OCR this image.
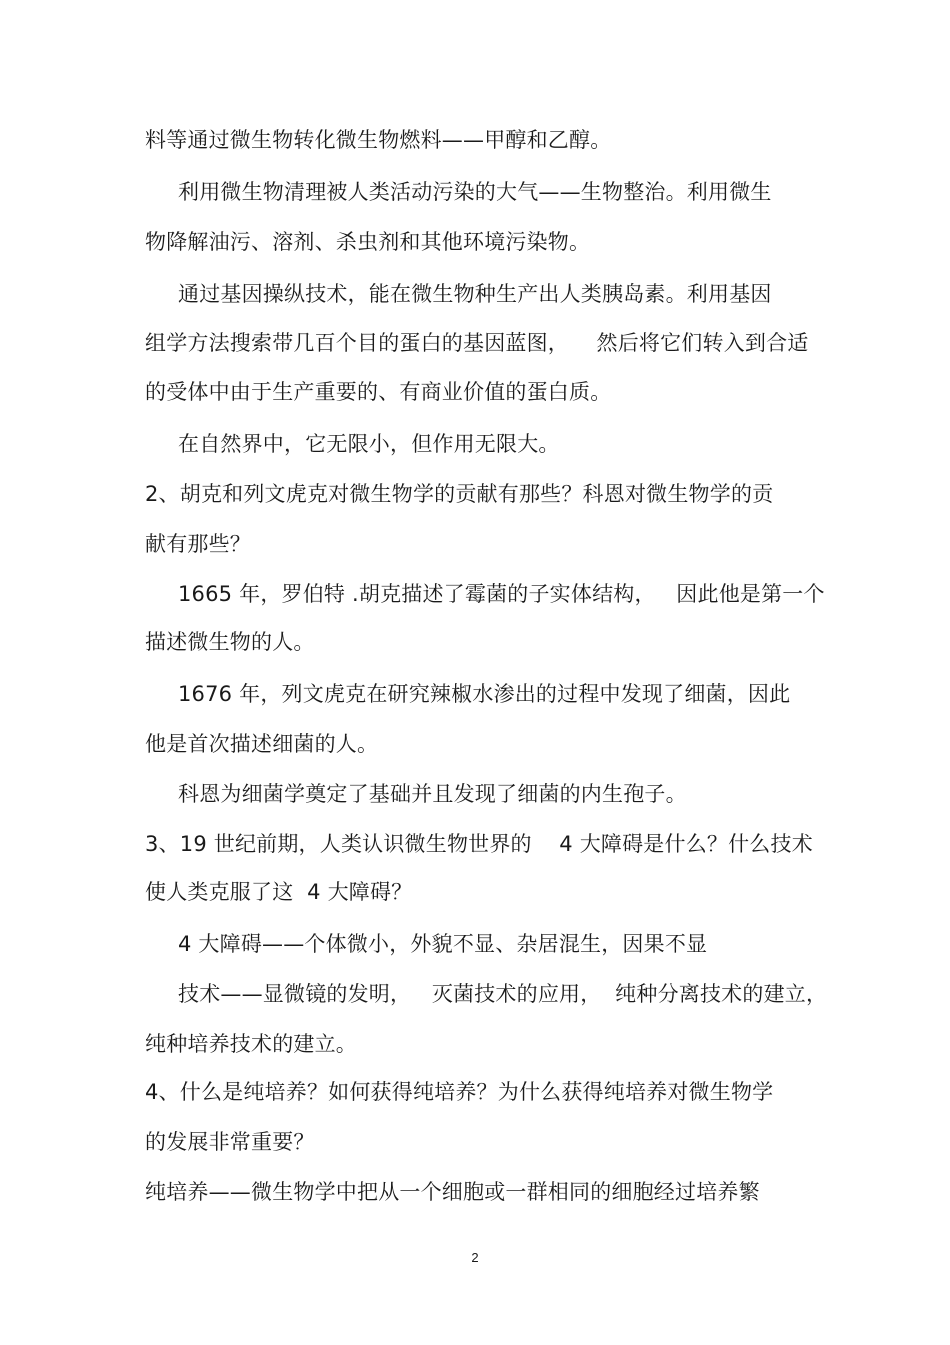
料等通过微生物转化微生物燃料——甲醇和乙醇。
利用微生物清理被人类活动污染的大气——生物整治。利用微生
物降解油污、溶剂、杀虫剂和其他环境污染物。
通过基因操纵技术，能在微生物种生产出人类胰岛素。利用基因
组学方法搜索带几百个目的蛋白的基因蓝图，    然后将它们转入到合适
的受体中由于生产重要的、有商业价值的蛋白质。
在自然界中，它无限小，但作用无限大。
2、胡克和列文虎克对微生物学的贡献有那些？科恩对微生物学的贡
献有那些？
1665 年，罗伯特 .胡克描述了霉菌的子实体结构，   因此他是第一个
描述微生物的人。
1676 年，列文虎克在研究辣椒水渗出的过程中发现了细菌，因此
他是首次描述细菌的人。
科恩为细菌学奠定了基础并且发现了细菌的内生孢子。
3、19 世纪前期，人类认识微生物世界的    4 大障碍是什么？什么技术
使人类克服了这  4 大障碍？
4 大障碍——个体微小，外貌不显、杂居混生，因果不显
技术——显微镜的发明，   灭菌技术的应用，  纯种分离技术的建立，
纯种培养技术的建立。
4、什么是纯培养？如何获得纯培养？为什么获得纯培养对微生物学
的发展非常重要？
纯培养——微生物学中把从一个细胞或一群相同的细胞经过培养繁
2
